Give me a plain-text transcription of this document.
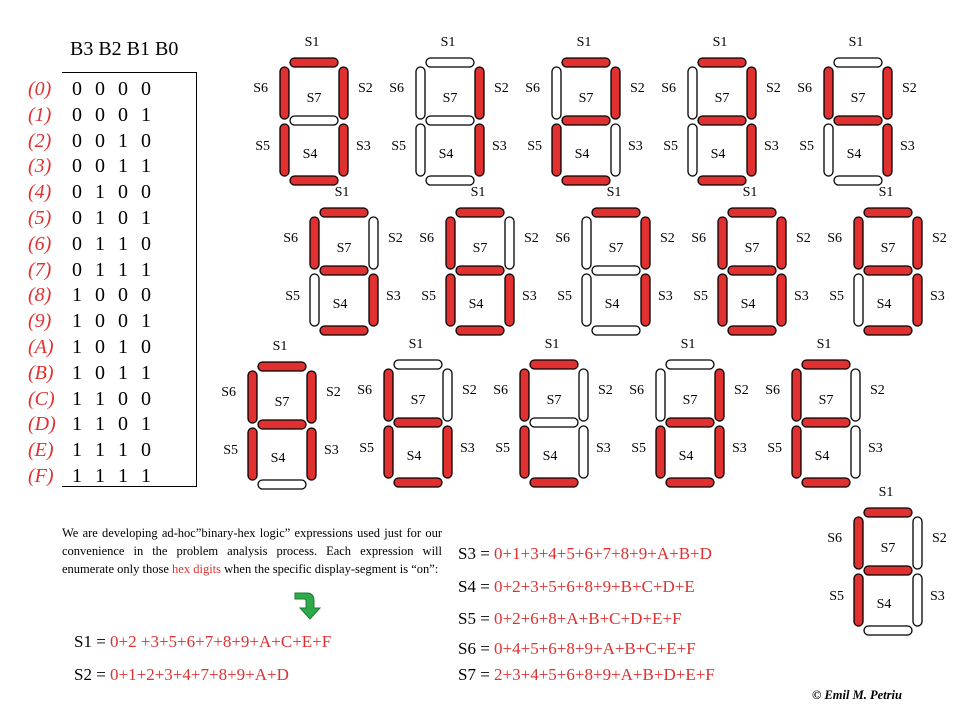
B3 B2 B1 B0
(0) 0 0 0 0
(1) 0 0 0 1
(2) 0 0 1 0
(3) 0 0 1 1
(4) 0 1 0 0
(5) 0 1 0 1
(6) 0 1 1 0
(7) 0 1 1 1
(8) 1 0 0 0
(9) 1 0 0 1
(A) 1 0 1 0
(B) 1 0 1 1
(C) 1 1 0 0
(D) 1 1 0 1
(E) 1 1 1 0
(F) 1 1 1 1
S1
S2
S3
S4
S5
S6
S7
S1
S2
S3
S4
S5
S6
S7
S1
S2
S3
S4
S5
S6
S7
S1
S2
S3
S4
S5
S6
S7
S1
S2
S3
S4
S5
S6
S7
S1
S2
S3
S4
S5
S6
S7
S1
S2
S3
S4
S5
S6
S7
S1
S2
S3
S4
S5
S6
S7
S1
S2
S3
S4
S5
S6
S7
S1
S2
S3
S4
S5
S6
S7
S1
S2
S3
S4
S5
S6
S7
S1
S2
S3
S4
S5
S6
S7
S1
S2
S3
S4
S5
S6
S7
S1
S2
S3
S4
S5
S6
S7
S1
S2
S3
S4
S5
S6
S7
S1
S2
S3
S4
S5
S6
S7
We are developing ad-hoc”binary-hex logic” expressions used just for our convenience in the problem analysis process. Each expression will enumerate only those hex digits when the specific display-segment is “on”:
S1 = 0+2 +3+5+6+7+8+9+A+C+E+F
S2 = 0+1+2+3+4+7+8+9+A+D
S3 = 0+1+3+4+5+6+7+8+9+A+B+D
S4 = 0+2+3+5+6+8+9+B+C+D+E
S5 = 0+2+6+8+A+B+C+D+E+F
S6 = 0+4+5+6+8+9+A+B+C+E+F
S7 = 2+3+4+5+6+8+9+A+B+D+E+F
© Emil M. Petriu
